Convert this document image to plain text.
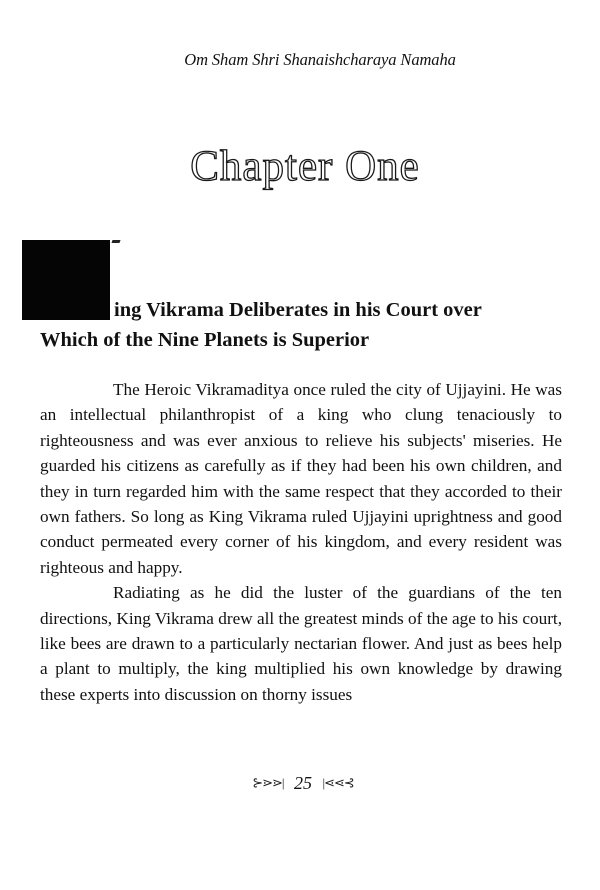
Om Sham Shri Shanaishcharaya Namaha
Chapter One
ing Vikrama Deliberates in his Court over
Which of the Nine Planets is Superior

The Heroic Vikramaditya once ruled the city of Ujjayini. He was an intellectual philanthropist of a king who clung tenaciously to righteousness and was ever anxious to relieve his subjects' miseries. He guarded his citizens as carefully as if they had been his own children, and they in turn regarded him with the same respect that they accorded to their own fathers. So long as King Vikrama ruled Ujjayini uprightness and good conduct permeated every corner of his kingdom, and every resident was righteous and happy.

Radiating as he did the luster of the guardians of the ten directions, King Vikrama drew all the greatest minds of the age to his court, like bees are drawn to a particularly nectarian flower. And just as bees help a plant to multiply, the king multiplied his own knowledge by drawing these experts into discussion on thorny issues

⊱⋗⋗| 25 |⋖⋖⊰
